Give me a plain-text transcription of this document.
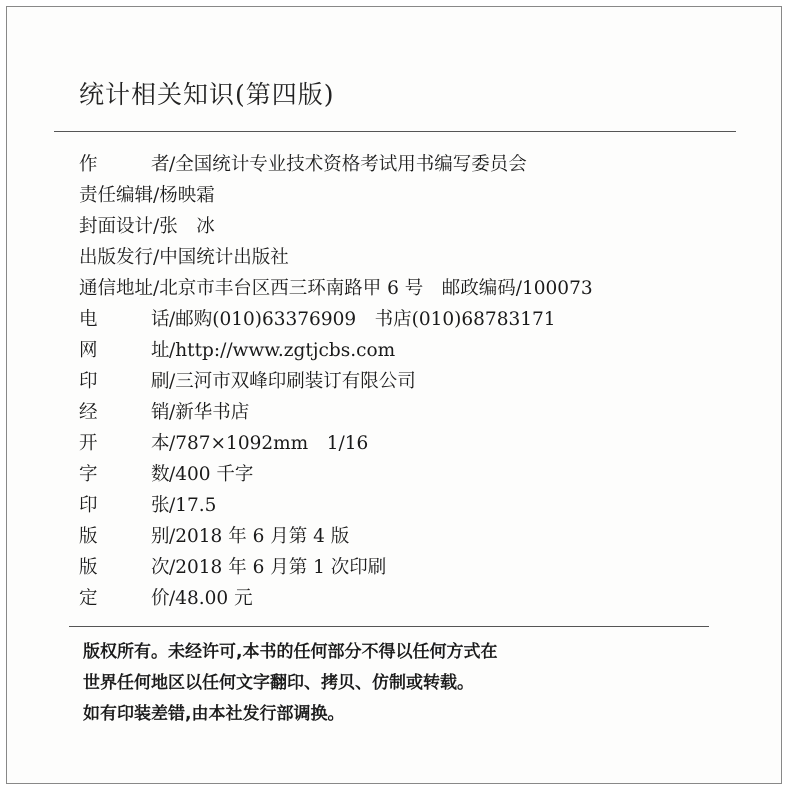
统计相关知识(第四版)
作	者 /全国统计专业技术资格考试用书编写委员会
责任编辑/杨映霜
封面设计/张　冰
出版发行/中国统计出版社
通信地址/北京市丰台区西三环南路甲 6 号　邮政编码/100073
电	话 /邮购(010)63376909　书店(010)68783171
网	址 /http://www.zgtjcbs.com
印	刷 /三河市双峰印刷装订有限公司
经	销 /新华书店
开	本 /787×1092mm　1/16
字	数 /400 千字
印	张 /17.5
版	别 /2018 年 6 月第 4 版
版	次 /2018 年 6 月第 1 次印刷
定	价 /48.00 元
版权所有。未经许可,本书的任何部分不得以任何方式在
世界任何地区以任何文字翻印、拷贝、仿制或转载。
如有印装差错,由本社发行部调换。
